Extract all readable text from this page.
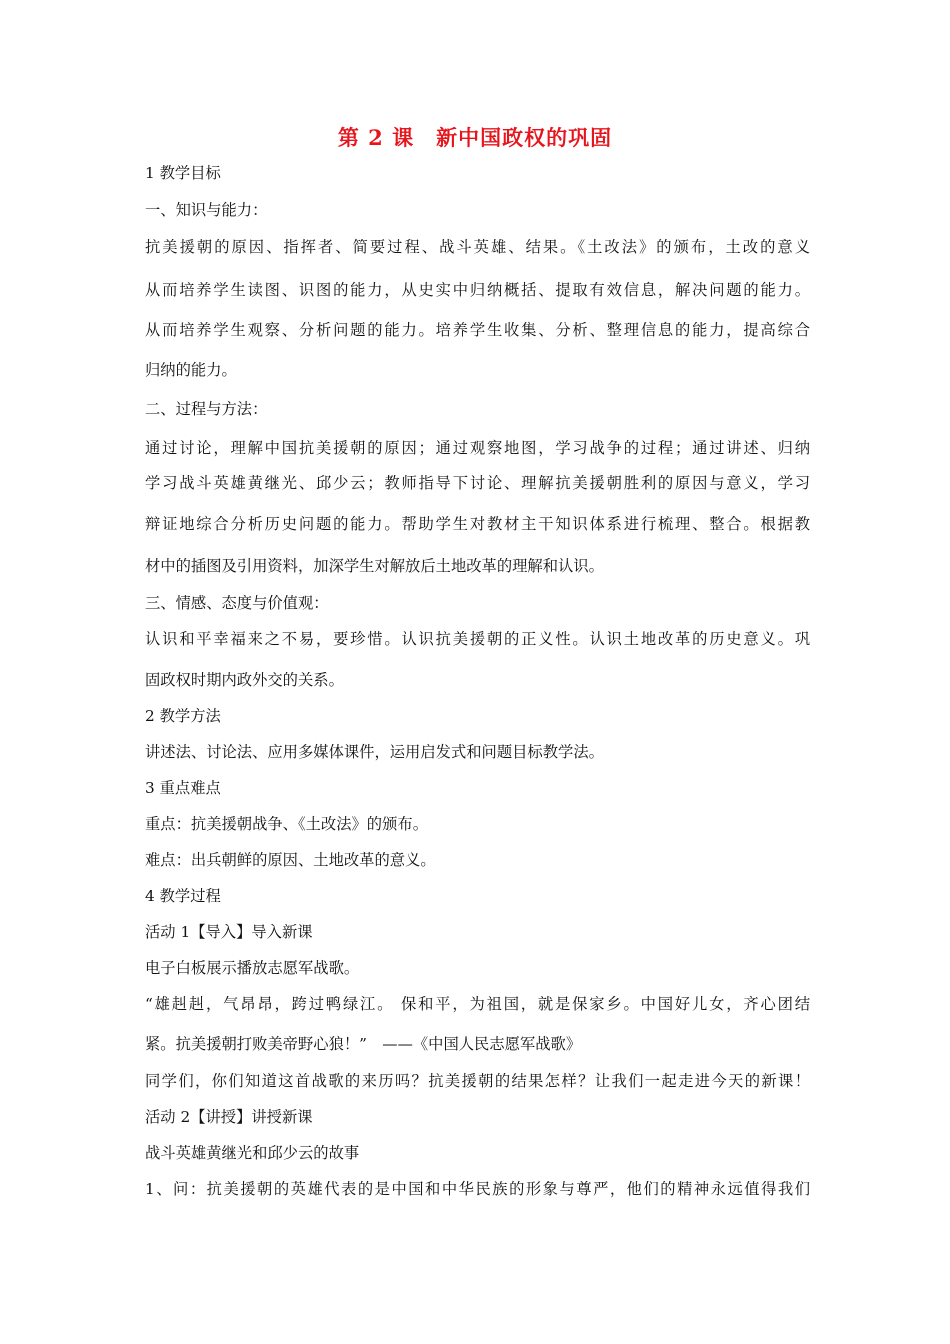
第 2 课　新中国政权的巩固
1 教学目标
一、知识与能力：
抗美援朝的原因、指挥者、简要过程、战斗英雄、结果。《土改法》的颁布，土改的意义
从而培养学生读图、识图的能力，从史实中归纳概括、提取有效信息，解决问题的能力。
从而培养学生观察、分析问题的能力。培养学生收集、分析、整理信息的能力，提高综合
归纳的能力。
二、过程与方法：
通过讨论，理解中国抗美援朝的原因；通过观察地图，学习战争的过程；通过讲述、归纳
学习战斗英雄黄继光、邱少云；教师指导下讨论、理解抗美援朝胜利的原因与意义，学习
辩证地综合分析历史问题的能力。帮助学生对教材主干知识体系进行梳理、整合。根据教
材中的插图及引用资料，加深学生对解放后土地改革的理解和认识。
三、情感、态度与价值观：
认识和平幸福来之不易，要珍惜。认识抗美援朝的正义性。认识土地改革的历史意义。巩
固政权时期内政外交的关系。
2 教学方法
讲述法、讨论法、应用多媒体课件，运用启发式和问题目标教学法。
3 重点难点
重点：抗美援朝战争、《土改法》的颁布。
难点：出兵朝鲜的原因、土地改革的意义。
4 教学过程
活动 1【导入】导入新课
电子白板展示播放志愿军战歌。
“雄赳赳，气昂昂，跨过鸭绿江。 保和平，为祖国，就是保家乡。中国好儿女，齐心团结
紧。抗美援朝打败美帝野心狼！”　——《中国人民志愿军战歌》
同学们，你们知道这首战歌的来历吗？抗美援朝的结果怎样？让我们一起走进今天的新课！
活动 2【讲授】讲授新课
战斗英雄黄继光和邱少云的故事
1、问：抗美援朝的英雄代表的是中国和中华民族的形象与尊严，他们的精神永远值得我们
